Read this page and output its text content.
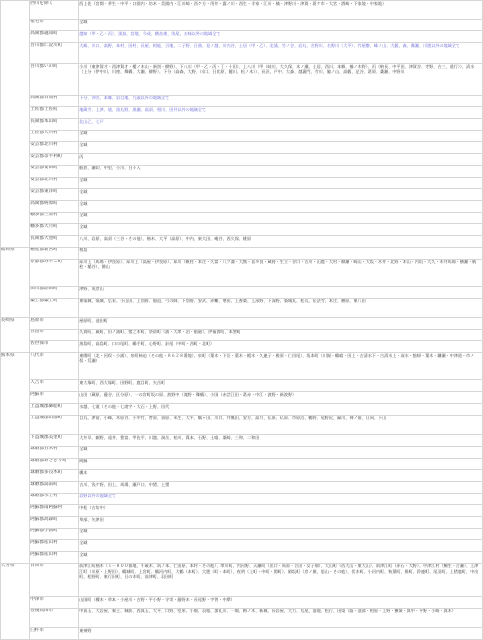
西川を除く	西上佐（宮間・茅生・中平・口園内・坊木・美園内・江川崎・西ケ方・用井・露ノ川・西生・半家・江川・楠・津野川・津賀・葛ケ市・大宮・酒崎・下家地・中家地）
宿毛市	全域
高岡郡越知町	越知（甲・乙・丙）、黒鳥、宮地、今成、横畠東、浅尾、五味以外の地域全て
吾川郡仁淀川町	大崎、川口、高野、本村、田村、長屋、相能、引地、二子野、日曲、見ノ越、川内谷、土居（甲・乙）、北浦、竹ノ谷、岩丸、名野川、名野川（大平）、竹屋敷、峰ノ山、大藪、森、霧瀬、川渡以外の地域全て
吾川郡いの町	小川（東津賀才・西津賀才・樅ノ木山・新別・柳野）、下八川（甲・乙・丙・丁・十田）、上八川（甲（岐川、大久保、木ノ瀬、土居、西川、本郷、楠ノ木野）、丙（納長、中平田、津賀谷、寺野、吉三、道行））、清水（上分（伊中川、川窪、舞橋、大瀬、柳野）、下分（高森、大野、川口、日比原、鍵川、松ノ木））、長沢、戸中、大森、越裏門、寺川、脇ノ山、高藪、足谷、葛原、桑瀬、中野川
高岡郡日高村	下分、沖名、本郷、岩目地、九頭以外の地域全て
土佐郡土佐町	地蔵寺、上津、境、黒丸野、黒瀬、高須、相川、田井以外の地域全て
長岡郡本山町	北山乙、七戸
土佐郡大川村	全域
安芸郡北川村	全域
安芸郡奈半利町	丙
安芸郡安田町	船倉、瀬切、中里、小川、日々入
安芸郡北川村	全域
安芸郡東洋町	全域
高岡郡梼原町	全域
幡多郡三原村	全域
幡多郡大月町	全域
長岡郡大豊町	八川、岩原、高須（三谷・その他）、柚木、大平（高原）、中内、東大田、庵谷、西久保、桃原
福岡県	糟屋郡新宮町	相島
京都郡みやこ町	犀川上（馬場・伊良原）、犀川上（高屋・伊良原）、犀川（帆柱・本庄・久富・八ツ溝・大熊・喜多良・蔵持・生立・谷口・古川・山鹿・大村・柳瀬・崎山・大坂・木井・北野・木山・内垣・大久・木井馬場・横瀬・帆柱・稲谷）、勝山
田川郡添田町	津野、英彦山
築上郡築上町	東築城、築城、広末、小山田、上別府、船迫、弓の師、下別府、安武、赤幡、寒田、上香楽、上深野、下深野、築城丸、松丸、伝法寺、本庄、横原、東八田
長崎県	島原市	屋原町、池田町
五島市	久賀町、蕨町、田ノ浦町、猪之木町、奈留町（浦・大串・泊・船廻）、伊福貴町、本窯町
佐世保市	黒島町、高島町、口の尾町、鵜手町、心野町、針尾（中町・西町・北町）
熊本県	八代市	東陽町（北・河俣・小浦）、泉町柿迫（その他・８６２８番地）、泉町（葉木・下岳・葉木・樅木・久連子・椎原・仁田尾）、坂本町（川嶽・鶴喰・田上・古清水下・古清水上・深水・鮎帰・葉木・鎌瀬・中津道・市ノ俣・荒瀬）
人吉市	東大塚町、西大塚町、田野町、鹿目町、矢岳町
阿蘇市	山田（蔵原、藤谷、区分原）、一の宮町坂の原、波野中（滝野・舞鶴）、小国（赤芸江田・葛赤・中江・波野・新波野）
上益城郡御船町	水越、七滝（その他・七滝字・大石・上野、田代
上益城郡山都町	目丸、津留、小峰、木原谷、小中竹、菅原、須原、米生、大平、鶴ヶ田、川口、井無田、安方、高月、仏原、仏原、市原沿、鶴野、尾野尻、緑川、神ノ前、日向、下山
下益城郡美里町	大井早、頼野、遠井、豊富、甲佐平、川越、洞岳、柏川、貫本、石野、土喰、栗崎、三和、二和田
球磨郡五木村	全域
球磨郡あさぎり町	阿蘇
球磨郡多良木町	槻木
球磨郡湯前町	古川、浅ケ野、田上、馬場、瀬戸口、中猪、上猪
球磨郡水上村	岩野以外の地域全て
阿蘇郡南阿蘇村	中松（古坊中）
阿蘇郡高森町	草部、矢津田
阿蘇郡小国町	全域
阿蘇郡産山村	全域
阿蘇郡産山村	全域
大分県	日田市	前津江町柚木（１－８００番地、千歳木、筑ノ本、仁田原、本村・その他）、串川町、内河野、天瀬町（出口・馬原・合田・女子畑）、大山町（西大山・東大山）、前津江町（赤石・大野）、中津江村（鯛生・合瀬）、上津江町（川原・上野田）、鶴城町、上宮町、鶴河内町、大鶴（本町）、大肥（町・本町）、夜明（上町・中町・関町）、殿坂町（彦ノ嶽、思山・その他）、伏木町、小河内町、秋葉町、椎町、鈴連町、尾羽町、上猪鹿町、中出町、松野町、東行田町、日の木町、前津町、羽田町
中津市	山国町（槻木・草本・小屋川・吉野・平小野・守実・藤野木・長尾野・宇曽・中摩）
豊後高田市	中真玉、大岩屋、秦土、城前、西真玉、大平、口野、堅来、小畑、羽根、加礼川、一畑、梅ノ木、新城、長岩屋、大力、荒尾、釜地、松行、田染（蕗・池部・相原・上野・横嶺・真中・平野・小崎・真木）
臼杵市	東神野
